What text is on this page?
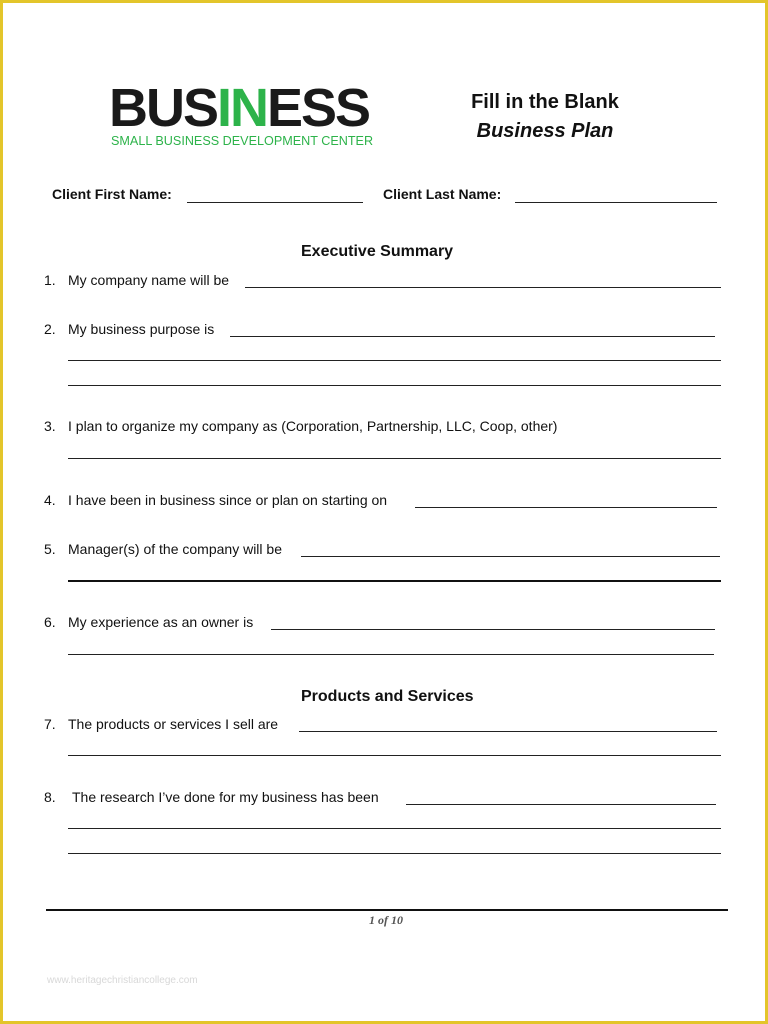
BUSINESS
SMALL BUSINESS DEVELOPMENT CENTER
Fill in the Blank
Business Plan
Client First Name:	Client Last Name:
Executive Summary
1. My company name will be
2. My business purpose is
3. I plan to organize my company as (Corporation, Partnership, LLC, Coop, other)
4. I have been in business since or plan on starting on
5. Manager(s) of the company will be
6. My experience as an owner is
Products and Services
7. The products or services I sell are
8. The research I’ve done for my business has been
1 of 10
www.heritagechristiancollege.com
